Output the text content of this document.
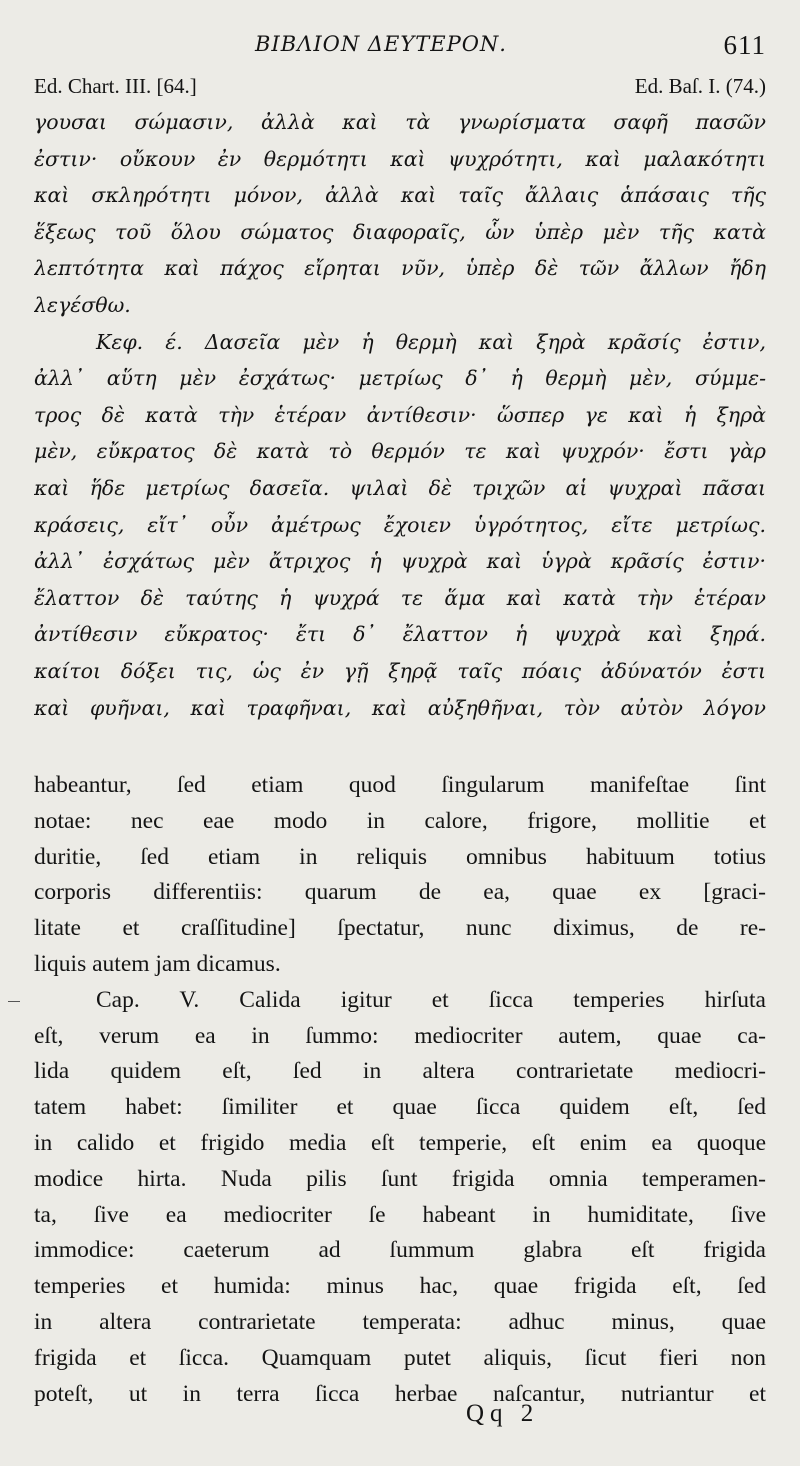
ΒΙΒΛΙΟΝ ΔΕΥΤΕΡΟΝ.	611
Ed. Chart. III. [64.]	Ed. Baſ. I. (74.)
γουσαι σώμασιν, ἀλλὰ καὶ τὰ γνωρίσματα σαφῆ πασῶν
ἐστιν· οὔκουν ἐν θερμότητι καὶ ψυχρότητι, καὶ μαλακότητι
καὶ σκληρότητι μόνον, ἀλλὰ καὶ ταῖς ἄλλαις ἁπάσαις τῆς
ἕξεως τοῦ ὅλου σώματος διαφοραῖς, ὧν ὑπὲρ μὲν τῆς κατὰ
λεπτότητα καὶ πάχος εἴρηται νῦν, ὑπὲρ δὲ τῶν ἄλλων ἤδη
λεγέσθω.
Κεφ. έ. Δασεῖα μὲν ἡ θερμὴ καὶ ξηρὰ κρᾶσίς ἐστιν,
ἀλλ᾽ αὕτη μὲν ἐσχάτως· μετρίως δ᾽ ἡ θερμὴ μὲν, σύμμε-
τρος δὲ κατὰ τὴν ἑτέραν ἀντίθεσιν· ὥσπερ γε καὶ ἡ ξηρὰ
μὲν, εὔκρατος δὲ κατὰ τὸ θερμόν τε καὶ ψυχρόν· ἔστι γὰρ
καὶ ἥδε μετρίως δασεῖα. ψιλαὶ δὲ τριχῶν αἱ ψυχραὶ πᾶσαι
κράσεις, εἴτ᾽ οὖν ἀμέτρως ἔχοιεν ὑγρότητος, εἴτε μετρίως.
ἀλλ᾽ ἐσχάτως μὲν ἄτριχος ἡ ψυχρὰ καὶ ὑγρὰ κρᾶσίς ἐστιν·
ἔλαττον δὲ ταύτης ἡ ψυχρά τε ἅμα καὶ κατὰ τὴν ἑτέραν
ἀντίθεσιν εὔκρατος· ἔτι δ᾽ ἔλαττον ἡ ψυχρὰ καὶ ξηρά.
καίτοι δόξει τις, ὡς ἐν γῇ ξηρᾷ ταῖς πόαις ἀδύνατόν ἐστι
καὶ φυῆναι, καὶ τραφῆναι, καὶ αὐξηθῆναι, τὸν αὐτὸν λόγον
habeantur, ſed etiam quod ſingularum manifeſtae ſint
notae: nec eae modo in calore, frigore, mollitie et
duritie, ſed etiam in reliquis omnibus habituum totius
corporis differentiis: quarum de ea, quae ex [graci-
litate et craſſitudine] ſpectatur, nunc diximus, de re-
liquis autem jam dicamus.
Cap. V. Calida igitur et ſicca temperies hirſuta
eſt, verum ea in ſummo: mediocriter autem, quae ca-
lida quidem eſt, ſed in altera contrarietate mediocri-
tatem habet: ſimiliter et quae ſicca quidem eſt, ſed
in calido et frigido media eſt temperie, eſt enim ea quoque
modice hirta. Nuda pilis ſunt frigida omnia temperamen-
ta, ſive ea mediocriter ſe habeant in humiditate, ſive
immodice: caeterum ad ſummum glabra eſt frigida
temperies et humida: minus hac, quae frigida eſt, ſed
in altera contrarietate temperata: adhuc minus, quae
frigida et ſicca. Quamquam putet aliquis, ſicut fieri non
poteſt, ut in terra ſicca herbae naſcantur, nutriantur et
Qq 2
